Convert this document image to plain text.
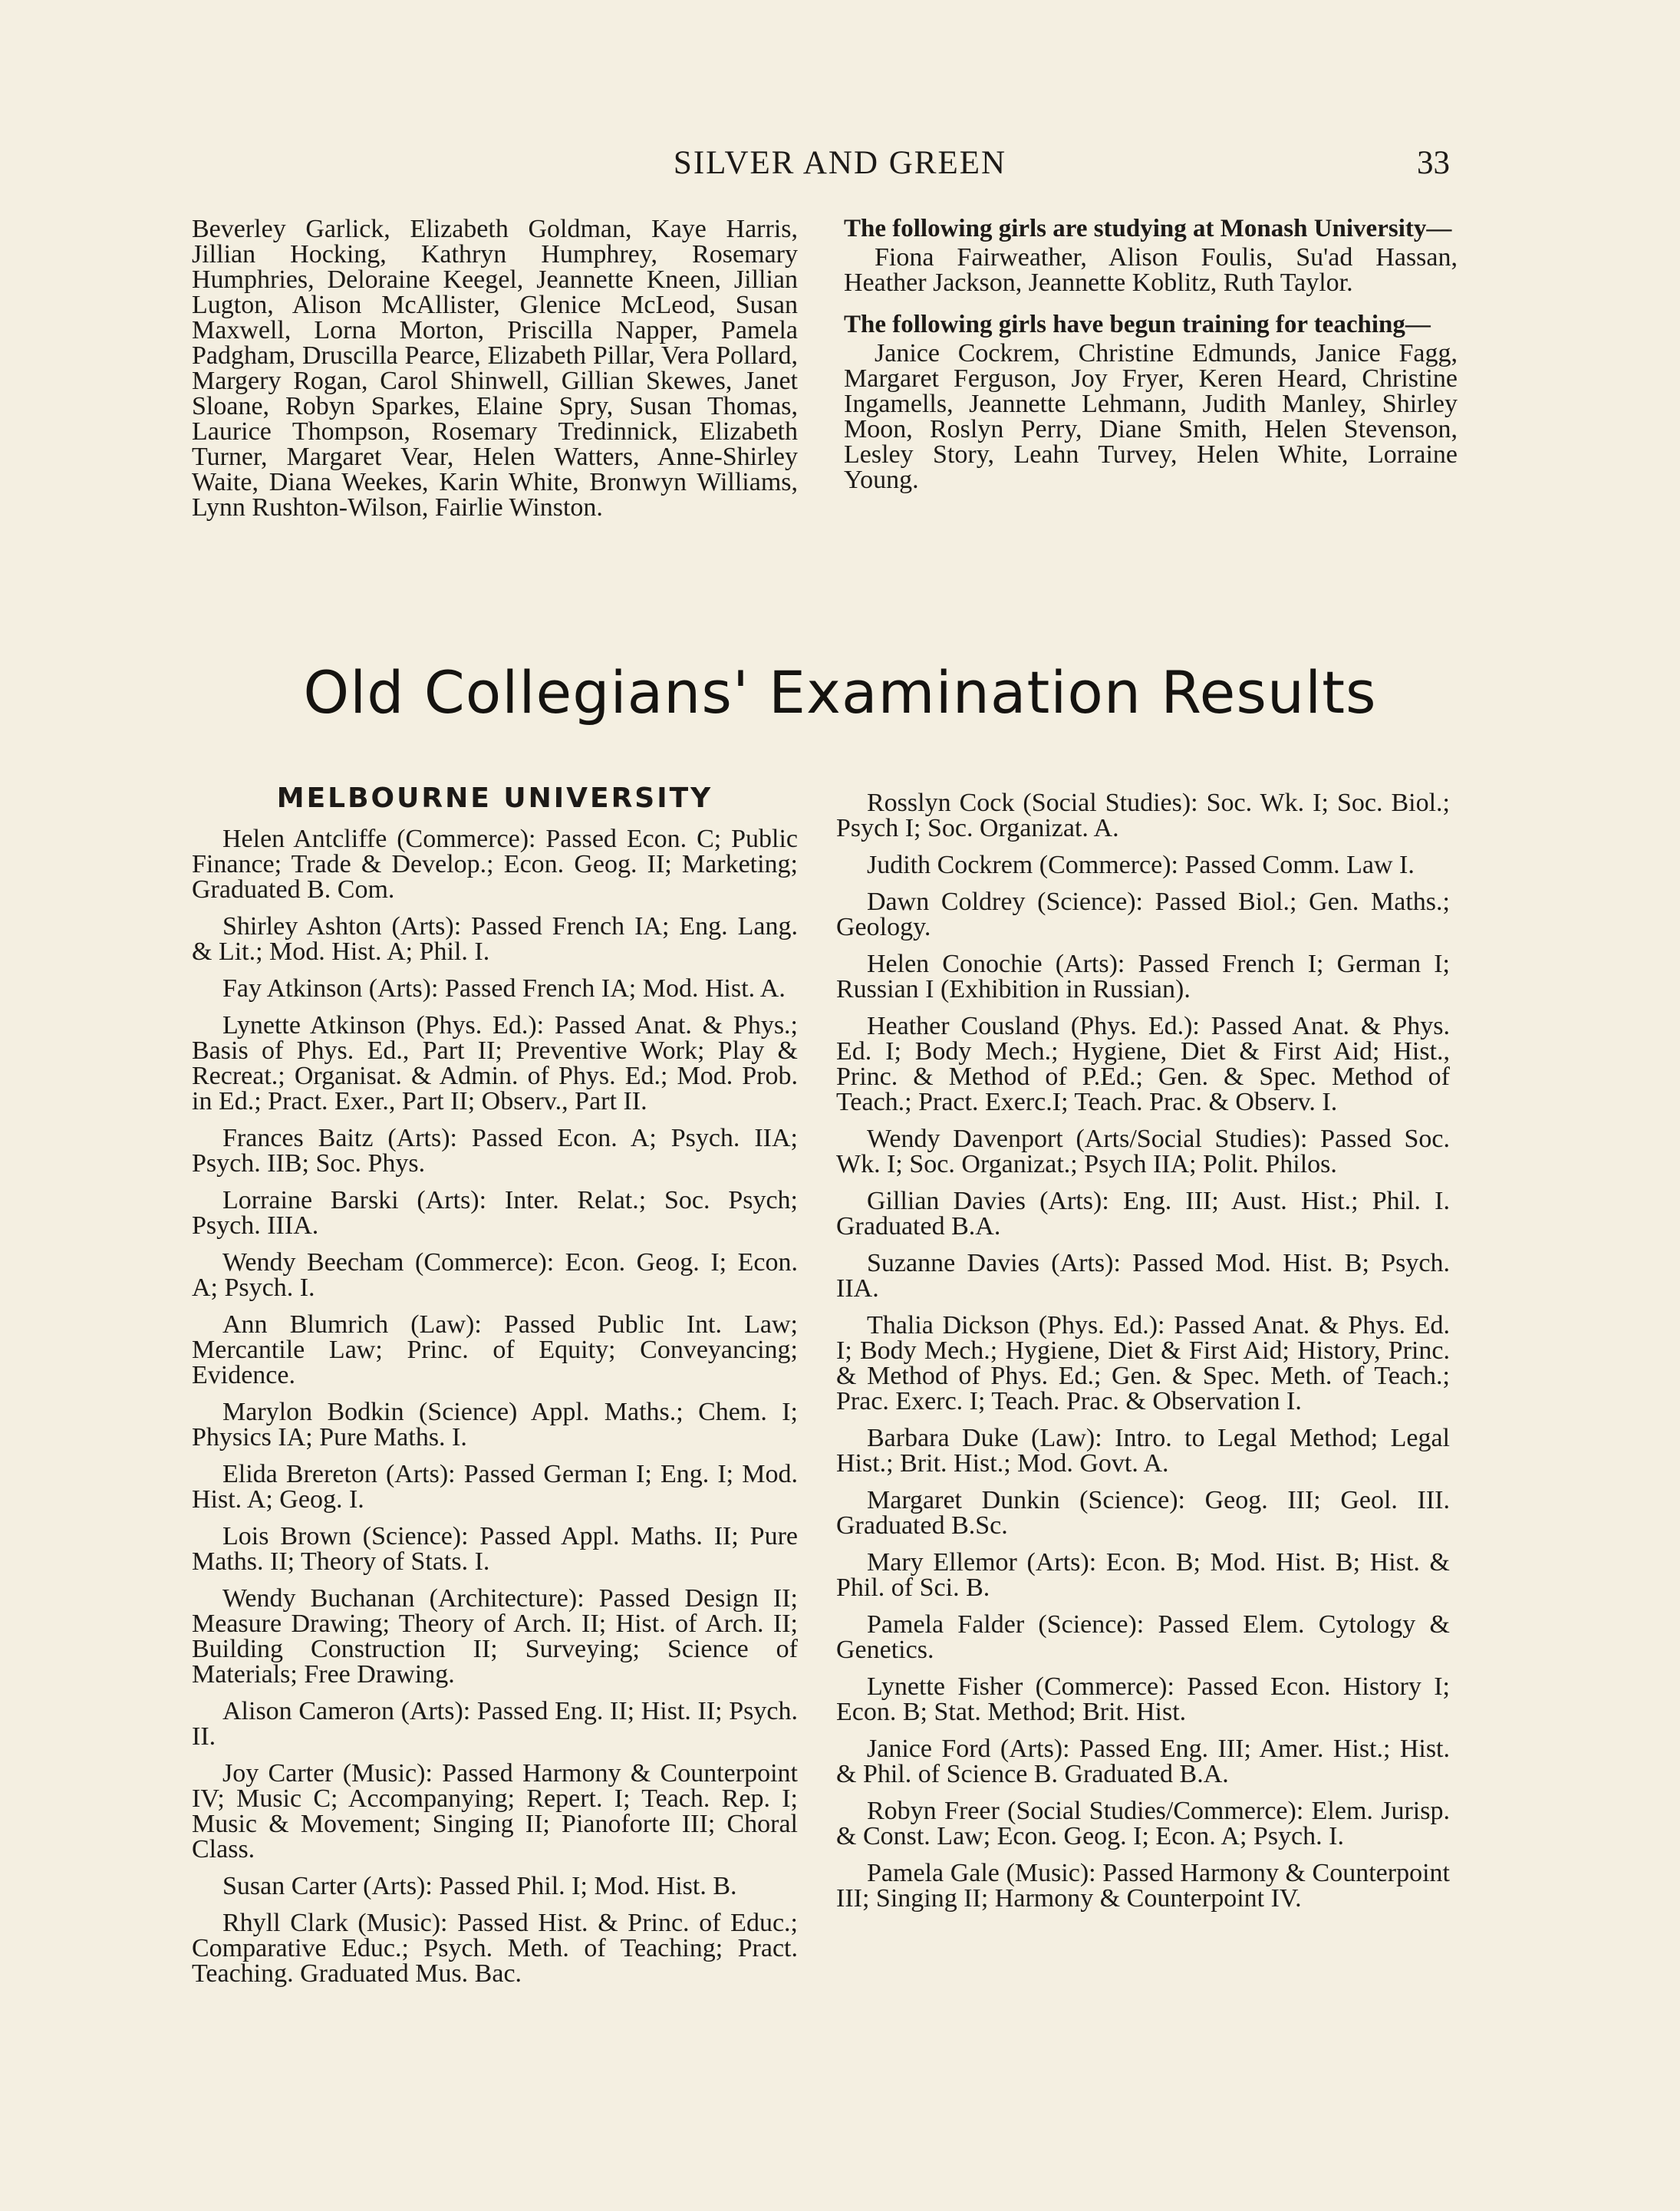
SILVER AND GREEN	33

Beverley Garlick, Elizabeth Goldman, Kaye Harris, Jillian Hocking, Kathryn Humphrey, Rosemary Humphries, Deloraine Keegel, Jeannette Kneen, Jillian Lugton, Alison McAllister, Glenice McLeod, Susan Maxwell, Lorna Morton, Priscilla Napper, Pamela Padgham, Druscilla Pearce, Elizabeth Pillar, Vera Pollard, Margery Rogan, Carol Shinwell, Gillian Skewes, Janet Sloane, Robyn Sparkes, Elaine Spry, Susan Thomas, Laurice Thompson, Rosemary Tredinnick, Elizabeth Turner, Margaret Vear, Helen Watters, Anne-Shirley Waite, Diana Weekes, Karin White, Bronwyn Williams, Lynn Rushton-Wilson, Fairlie Winston.

The following girls are studying at Monash University—

Fiona Fairweather, Alison Foulis, Su'ad Hassan, Heather Jackson, Jeannette Koblitz, Ruth Taylor.

The following girls have begun training for teaching—

Janice Cockrem, Christine Edmunds, Janice Fagg, Margaret Ferguson, Joy Fryer, Keren Heard, Christine Ingamells, Jeannette Lehmann, Judith Manley, Shirley Moon, Roslyn Perry, Diane Smith, Helen Stevenson, Lesley Story, Leahn Turvey, Helen White, Lorraine Young.

Old Collegians' Examination Results

MELBOURNE UNIVERSITY

Helen Antcliffe (Commerce): Passed Econ. C; Public Finance; Trade & Develop.; Econ. Geog. II; Marketing; Graduated B. Com.

Shirley Ashton (Arts): Passed French IA; Eng. Lang. & Lit.; Mod. Hist. A; Phil. I.

Fay Atkinson (Arts): Passed French IA; Mod. Hist. A.

Lynette Atkinson (Phys. Ed.): Passed Anat. & Phys.; Basis of Phys. Ed., Part II; Preventive Work; Play & Recreat.; Organisat. & Admin. of Phys. Ed.; Mod. Prob. in Ed.; Pract. Exer., Part II; Observ., Part II.

Frances Baitz (Arts): Passed Econ. A; Psych. IIA; Psych. IIB; Soc. Phys.

Lorraine Barski (Arts): Inter. Relat.; Soc. Psych; Psych. IIIA.

Wendy Beecham (Commerce): Econ. Geog. I; Econ. A; Psych. I.

Ann Blumrich (Law): Passed Public Int. Law; Mercantile Law; Princ. of Equity; Conveyancing; Evidence.

Marylon Bodkin (Science) Appl. Maths.; Chem. I; Physics IA; Pure Maths. I.

Elida Brereton (Arts): Passed German I; Eng. I; Mod. Hist. A; Geog. I.

Lois Brown (Science): Passed Appl. Maths. II; Pure Maths. II; Theory of Stats. I.

Wendy Buchanan (Architecture): Passed Design II; Measure Drawing; Theory of Arch. II; Hist. of Arch. II; Building Construction II; Surveying; Science of Materials; Free Drawing.

Alison Cameron (Arts): Passed Eng. II; Hist. II; Psych. II.

Joy Carter (Music): Passed Harmony & Counterpoint IV; Music C; Accompanying; Repert. I; Teach. Rep. I; Music & Movement; Singing II; Pianoforte III; Choral Class.

Susan Carter (Arts): Passed Phil. I; Mod. Hist. B.

Rhyll Clark (Music): Passed Hist. & Princ. of Educ.; Comparative Educ.; Psych. Meth. of Teaching; Pract. Teaching. Graduated Mus. Bac.

Rosslyn Cock (Social Studies): Soc. Wk. I; Soc. Biol.; Psych I; Soc. Organizat. A.

Judith Cockrem (Commerce): Passed Comm. Law I.

Dawn Coldrey (Science): Passed Biol.; Gen. Maths.; Geology.

Helen Conochie (Arts): Passed French I; German I; Russian I (Exhibition in Russian).

Heather Cousland (Phys. Ed.): Passed Anat. & Phys. Ed. I; Body Mech.; Hygiene, Diet & First Aid; Hist., Princ. & Method of P.Ed.; Gen. & Spec. Method of Teach.; Pract. Exerc.I; Teach. Prac. & Observ. I.

Wendy Davenport (Arts/Social Studies): Passed Soc. Wk. I; Soc. Organizat.; Psych IIA; Polit. Philos.

Gillian Davies (Arts): Eng. III; Aust. Hist.; Phil. I. Graduated B.A.

Suzanne Davies (Arts): Passed Mod. Hist. B; Psych. IIA.

Thalia Dickson (Phys. Ed.): Passed Anat. & Phys. Ed. I; Body Mech.; Hygiene, Diet & First Aid; History, Princ. & Method of Phys. Ed.; Gen. & Spec. Meth. of Teach.; Prac. Exerc. I; Teach. Prac. & Observation I.

Barbara Duke (Law): Intro. to Legal Method; Legal Hist.; Brit. Hist.; Mod. Govt. A.

Margaret Dunkin (Science): Geog. III; Geol. III. Graduated B.Sc.

Mary Ellemor (Arts): Econ. B; Mod. Hist. B; Hist. & Phil. of Sci. B.

Pamela Falder (Science): Passed Elem. Cytology & Genetics.

Lynette Fisher (Commerce): Passed Econ. History I; Econ. B; Stat. Method; Brit. Hist.

Janice Ford (Arts): Passed Eng. III; Amer. Hist.; Hist. & Phil. of Science B. Graduated B.A.

Robyn Freer (Social Studies/Commerce): Elem. Jurisp. & Const. Law; Econ. Geog. I; Econ. A; Psych. I.

Pamela Gale (Music): Passed Harmony & Counterpoint III; Singing II; Harmony & Counterpoint IV.
